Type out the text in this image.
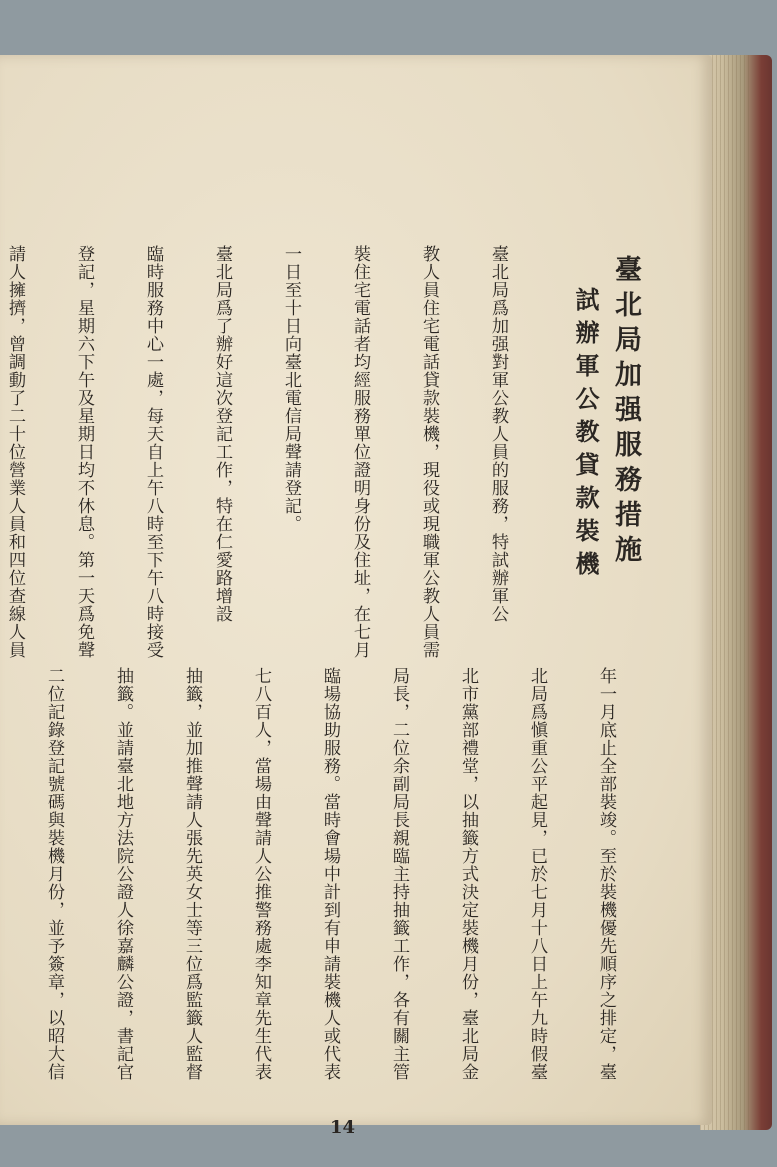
臺北局加强服務措施
試辦軍公教貸款裝機

臺北局爲加强對軍公教人員的服務，特試辦軍公

教人員住宅電話貸款裝機，現役或現職軍公教人員需

裝住宅電話者均經服務單位證明身份及住址，在七月

一日至十日向臺北電信局聲請登記。

臺北局爲了辦好這次登記工作，特在仁愛路增設

臨時服務中心一處，每天自上午八時至下午八時接受

登記，星期六下午及星期日均不休息。第一天爲免聲

請人擁擠，曾調動了二十位營業人員和四位查線人員

年一月底止全部裝竣。至於裝機優先順序之排定，臺

北局爲愼重公平起見，已於七月十八日上午九時假臺

北市黨部禮堂，以抽籤方式決定裝機月份，臺北局金

局長，二位余副局長親臨主持抽籤工作，各有關主管

臨場協助服務。當時會場中計到有申請裝機人或代表

七八百人，當場由聲請人公推警務處李知章先生代表

抽籤，並加推聲請人張先英女士等三位爲監籤人監督

抽籤。並請臺北地方法院公證人徐嘉麟公證，書記官

二位記錄登記號碼與裝機月份，並予簽章，以昭大信

14
